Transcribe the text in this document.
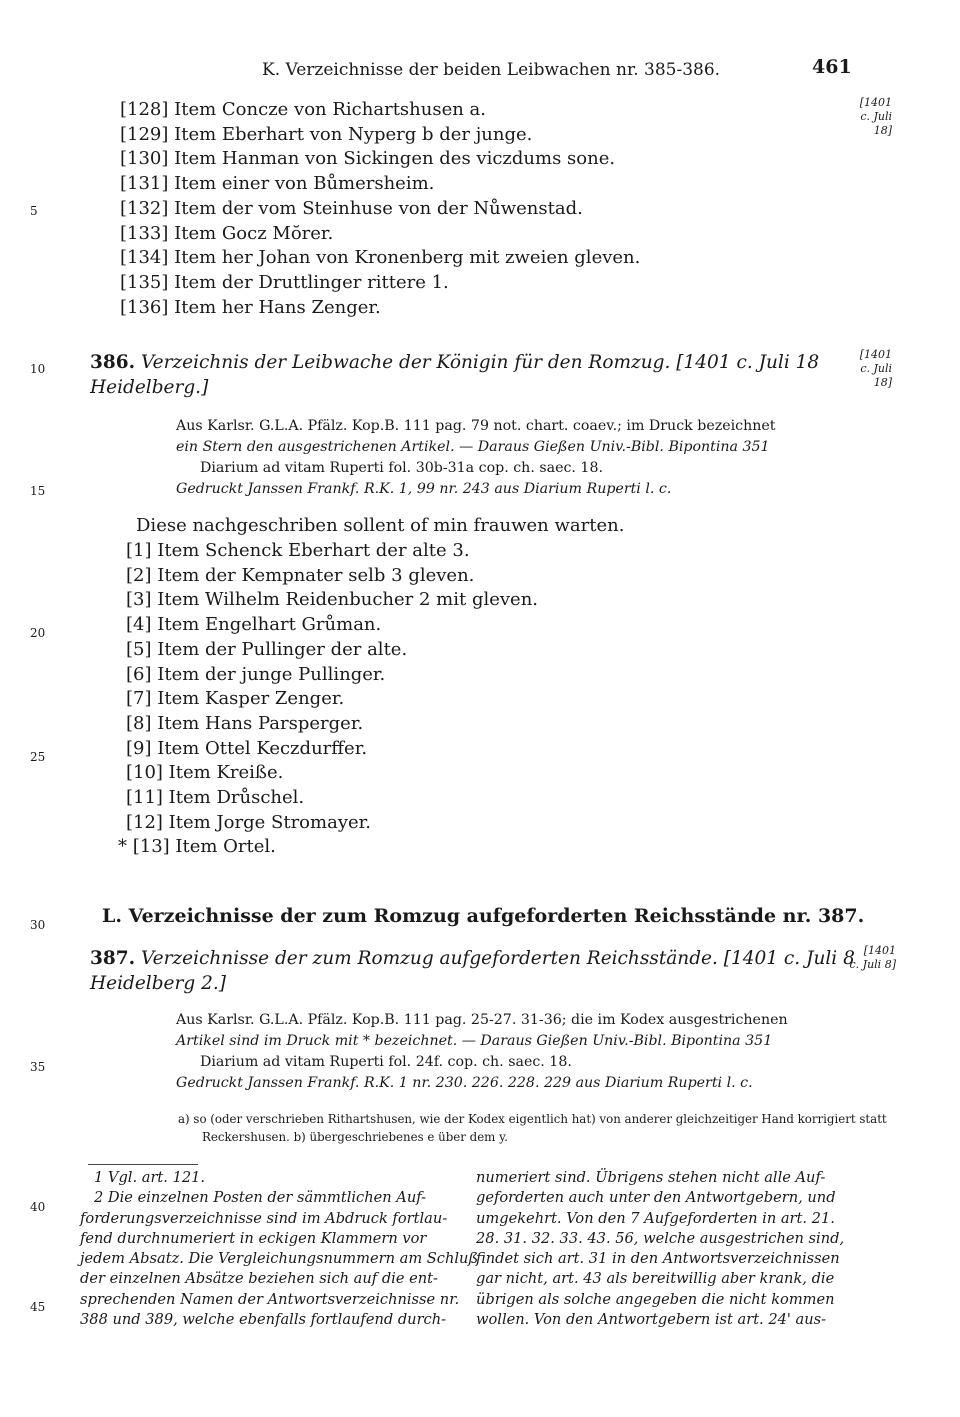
K. Verzeichnisse der beiden Leibwachen nr. 385-386.	461
[1401
c. Juli
18]
[1401
c. Juli
18]
[1401
c. Juli 8]
5
10
15
20
25
30
35
40
45
[128] Item Concze von Richartshusen a.
[129] Item Eberhart von Nyperg b der junge.
[130] Item Hanman von Sickingen des viczdums sone.
[131] Item einer von Bůmersheim.
[132] Item der vom Steinhuse von der Nůwenstad.
[133] Item Gocz Mŏrer.
[134] Item her Johan von Kronenberg mit zweien gleven.
[135] Item der Druttlinger rittere 1.
[136] Item her Hans Zenger.
386. Verzeichnis der Leibwache der Königin für den Romzug. [1401 c. Juli 18
Heidelberg.]
Aus Karlsr. G.L.A. Pfälz. Kop.B. 111 pag. 79 not. chart. coaev.; im Druck bezeichnet
ein Stern den ausgestrichenen Artikel. — Daraus Gießen Univ.-Bibl. Bipontina 351
Diarium ad vitam Ruperti fol. 30b-31a cop. ch. saec. 18.
Gedruckt Janssen Frankf. R.K. 1, 99 nr. 243 aus Diarium Ruperti l. c.
Diese nachgeschriben sollent of min frauwen warten.
[1] Item Schenck Eberhart der alte 3.
[2] Item der Kempnater selb 3 gleven.
[3] Item Wilhelm Reidenbucher 2 mit gleven.
[4] Item Engelhart Grůman.
[5] Item der Pullinger der alte.
[6] Item der junge Pullinger.
[7] Item Kasper Zenger.
[8] Item Hans Parsperger.
[9] Item Ottel Keczdurffer.
[10] Item Kreiße.
[11] Item Drůschel.
[12] Item Jorge Stromayer.
* [13] Item Ortel.
L. Verzeichnisse der zum Romzug aufgeforderten Reichsstände nr. 387.
387. Verzeichnisse der zum Romzug aufgeforderten Reichsstände. [1401 c. Juli 8
Heidelberg 2.]
Aus Karlsr. G.L.A. Pfälz. Kop.B. 111 pag. 25-27. 31-36; die im Kodex ausgestrichenen
Artikel sind im Druck mit * bezeichnet. — Daraus Gießen Univ.-Bibl. Bipontina 351
Diarium ad vitam Ruperti fol. 24f. cop. ch. saec. 18.
Gedruckt Janssen Frankf. R.K. 1 nr. 230. 226. 228. 229 aus Diarium Ruperti l. c.
a) so (oder verschrieben Rithartshusen, wie der Kodex eigentlich hat) von anderer gleichzeitiger Hand korrigiert statt
Reckershusen. b) übergeschriebenes e über dem y.
1 Vgl. art. 121.
2 Die einzelnen Posten der sämmtlichen Auf-
forderungsverzeichnisse sind im Abdruck fortlau-
fend durchnumeriert in eckigen Klammern vor
jedem Absatz. Die Vergleichungsnummern am Schluß
der einzelnen Absätze beziehen sich auf die ent-
sprechenden Namen der Antwortsverzeichnisse nr.
388 und 389, welche ebenfalls fortlaufend durch-
numeriert sind. Übrigens stehen nicht alle Auf-
geforderten auch unter den Antwortgebern, und
umgekehrt. Von den 7 Aufgeforderten in art. 21.
28. 31. 32. 33. 43. 56, welche ausgestrichen sind,
findet sich art. 31 in den Antwortsverzeichnissen
gar nicht, art. 43 als bereitwillig aber krank, die
übrigen als solche angegeben die nicht kommen
wollen. Von den Antwortgebern ist art. 24' aus-
